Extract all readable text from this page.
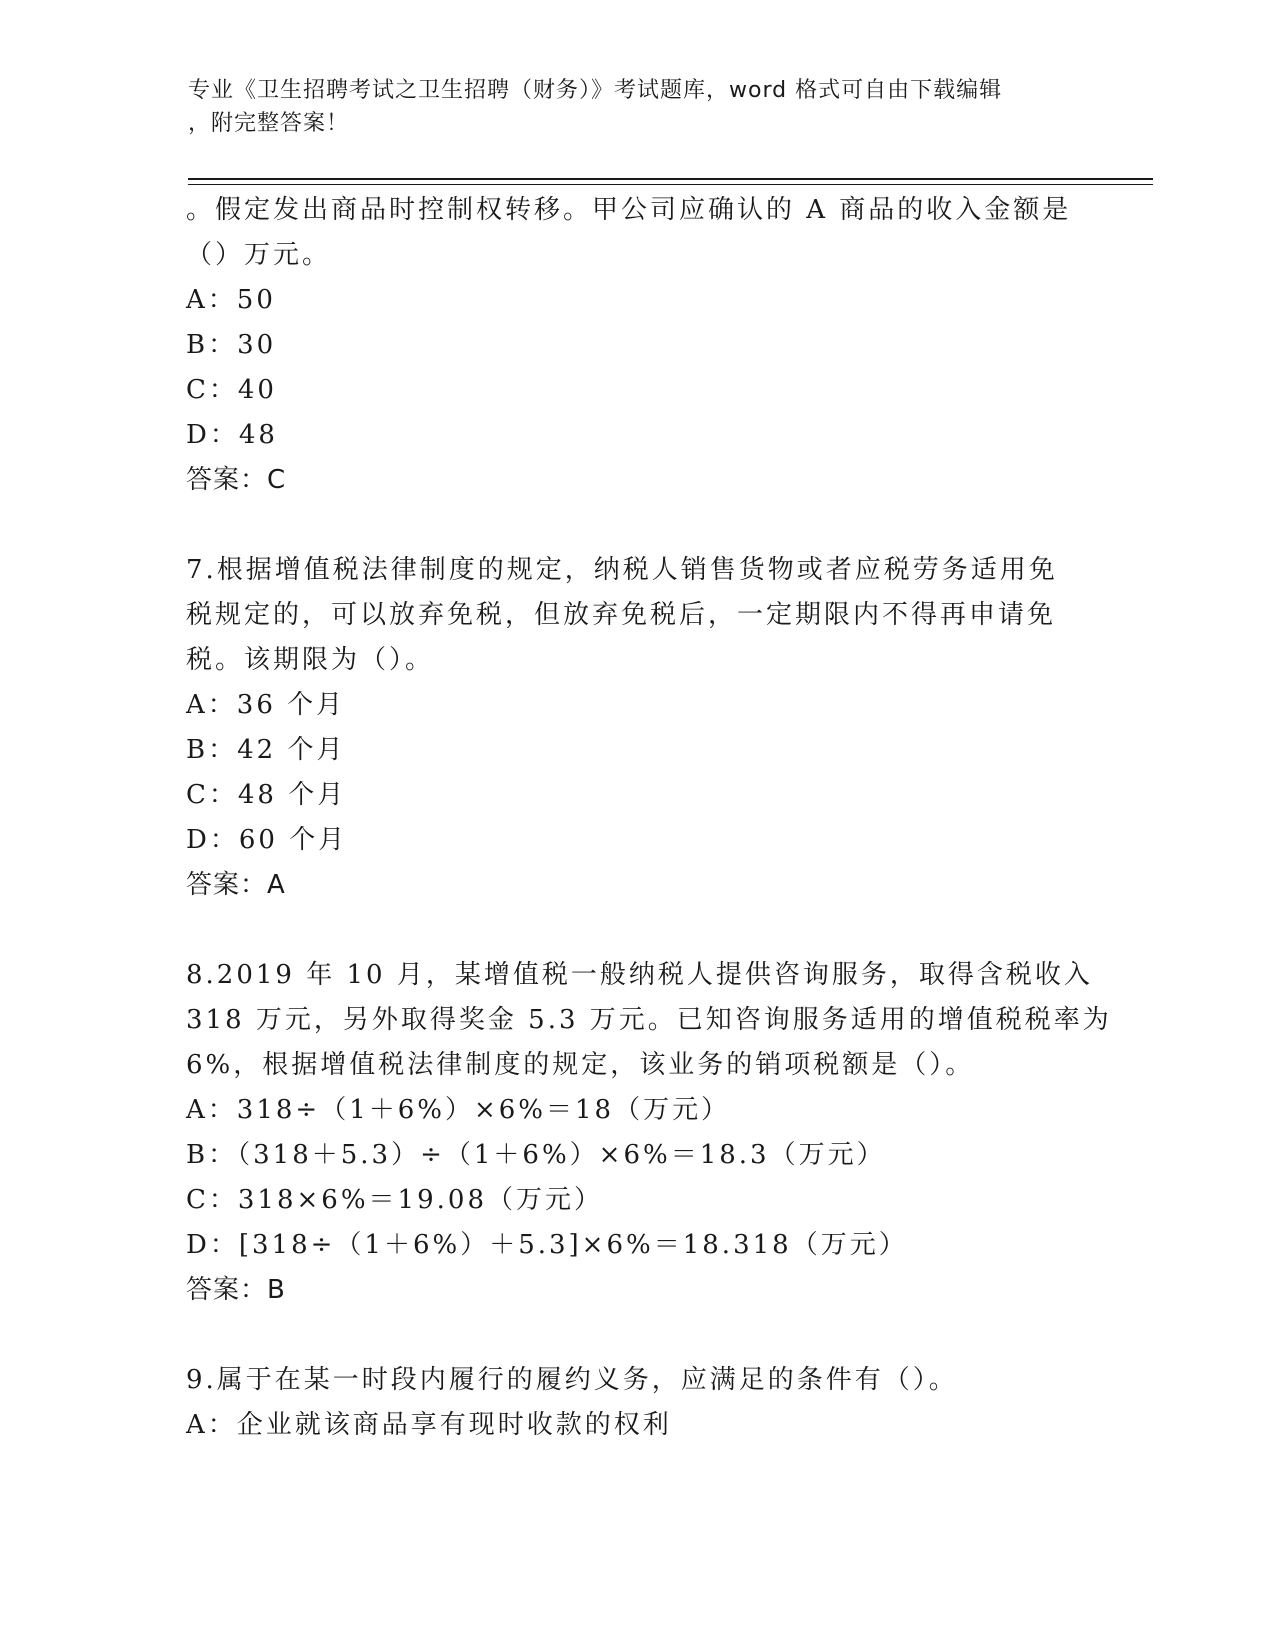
专业《卫生招聘考试之卫生招聘（财务）》考试题库，word 格式可自由下载编辑
，附完整答案！
。假定发出商品时控制权转移。甲公司应确认的 A 商品的收入金额是
（）万元。
A：50
B：30
C：40
D：48
答案：C
7.根据增值税法律制度的规定，纳税人销售货物或者应税劳务适用免
税规定的，可以放弃免税，但放弃免税后，一定期限内不得再申请免
税。该期限为（）。
A：36 个月
B：42 个月
C：48 个月
D：60 个月
答案：A
8.2019 年 10 月，某增值税一般纳税人提供咨询服务，取得含税收入
318 万元，另外取得奖金 5.3 万元。已知咨询服务适用的增值税税率为
6%，根据增值税法律制度的规定，该业务的销项税额是（）。
A：318÷（1＋6%）×6%＝18（万元）
B：（318＋5.3）÷（1＋6%）×6%＝18.3（万元）
C：318×6%＝19.08（万元）
D：[318÷（1＋6%）＋5.3]×6%＝18.318（万元）
答案：B
9.属于在某一时段内履行的履约义务，应满足的条件有（）。
A：企业就该商品享有现时收款的权利
